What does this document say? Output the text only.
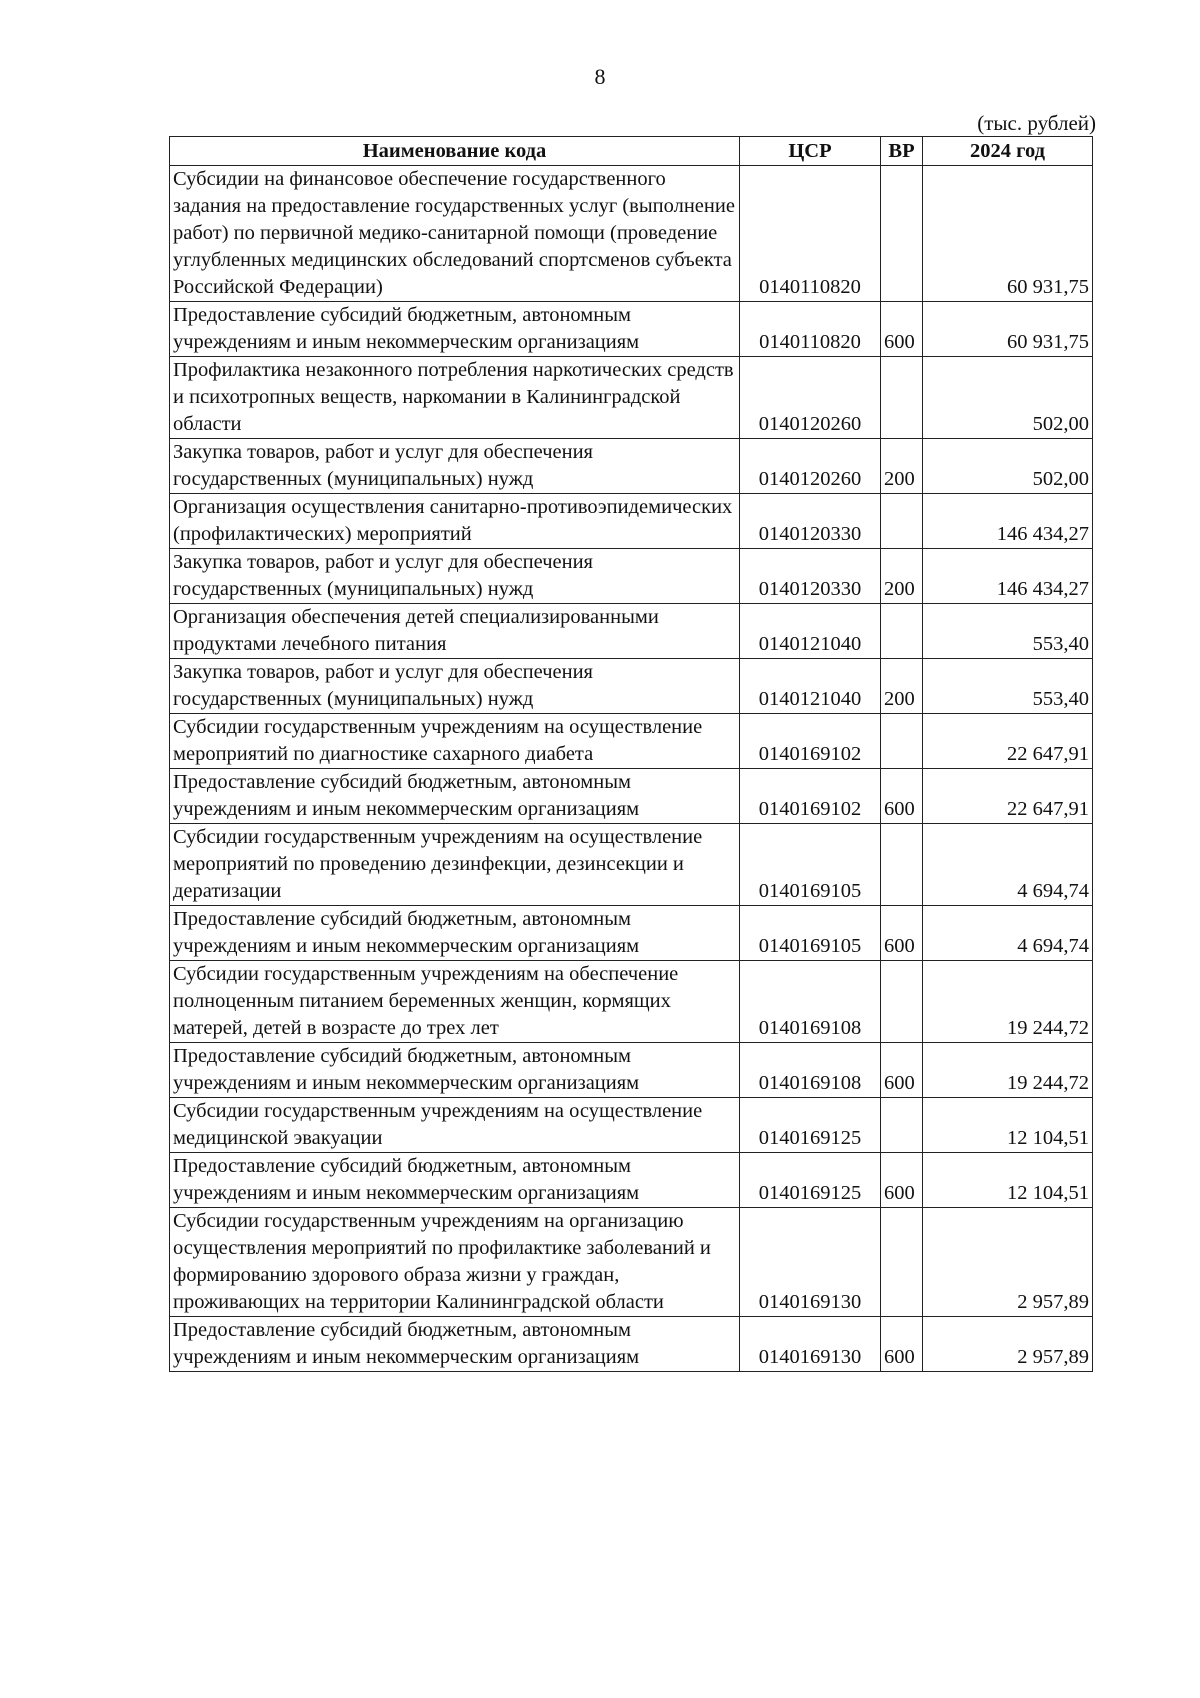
8
(тыс. рублей)
Наименование кода	ЦСР	ВР	2024 год
Субсидии на финансовое обеспечение государственного задания на предоставление государственных услуг (выполнение работ) по первичной медико-санитарной помощи (проведение углубленных медицинских обследований спортсменов субъекта Российской Федерации)	0140110820		60 931,75
Предоставление субсидий бюджетным, автономным учреждениям и иным некоммерческим организациям	0140110820	600	60 931,75
Профилактика незаконного потребления наркотических средств и психотропных веществ, наркомании в Калининградской области	0140120260		502,00
Закупка товаров, работ и услуг для обеспечения государственных (муниципальных) нужд	0140120260	200	502,00
Организация осуществления санитарно-противоэпидемических (профилактических) мероприятий	0140120330		146 434,27
Закупка товаров, работ и услуг для обеспечения государственных (муниципальных) нужд	0140120330	200	146 434,27
Организация обеспечения детей специализированными продуктами лечебного питания	0140121040		553,40
Закупка товаров, работ и услуг для обеспечения государственных (муниципальных) нужд	0140121040	200	553,40
Субсидии государственным учреждениям на осуществление мероприятий по диагностике сахарного диабета	0140169102		22 647,91
Предоставление субсидий бюджетным, автономным учреждениям и иным некоммерческим организациям	0140169102	600	22 647,91
Субсидии государственным учреждениям на осуществление мероприятий по проведению дезинфекции, дезинсекции и дератизации	0140169105		4 694,74
Предоставление субсидий бюджетным, автономным учреждениям и иным некоммерческим организациям	0140169105	600	4 694,74
Субсидии государственным учреждениям на обеспечение полноценным питанием беременных женщин, кормящих матерей, детей в возрасте до трех лет	0140169108		19 244,72
Предоставление субсидий бюджетным, автономным учреждениям и иным некоммерческим организациям	0140169108	600	19 244,72
Субсидии государственным учреждениям на осуществление медицинской эвакуации	0140169125		12 104,51
Предоставление субсидий бюджетным, автономным учреждениям и иным некоммерческим организациям	0140169125	600	12 104,51
Субсидии государственным учреждениям на организацию осуществления мероприятий по профилактике заболеваний и формированию здорового образа жизни у граждан, проживающих на территории Калининградской области	0140169130		2 957,89
Предоставление субсидий бюджетным, автономным учреждениям и иным некоммерческим организациям	0140169130	600	2 957,89
